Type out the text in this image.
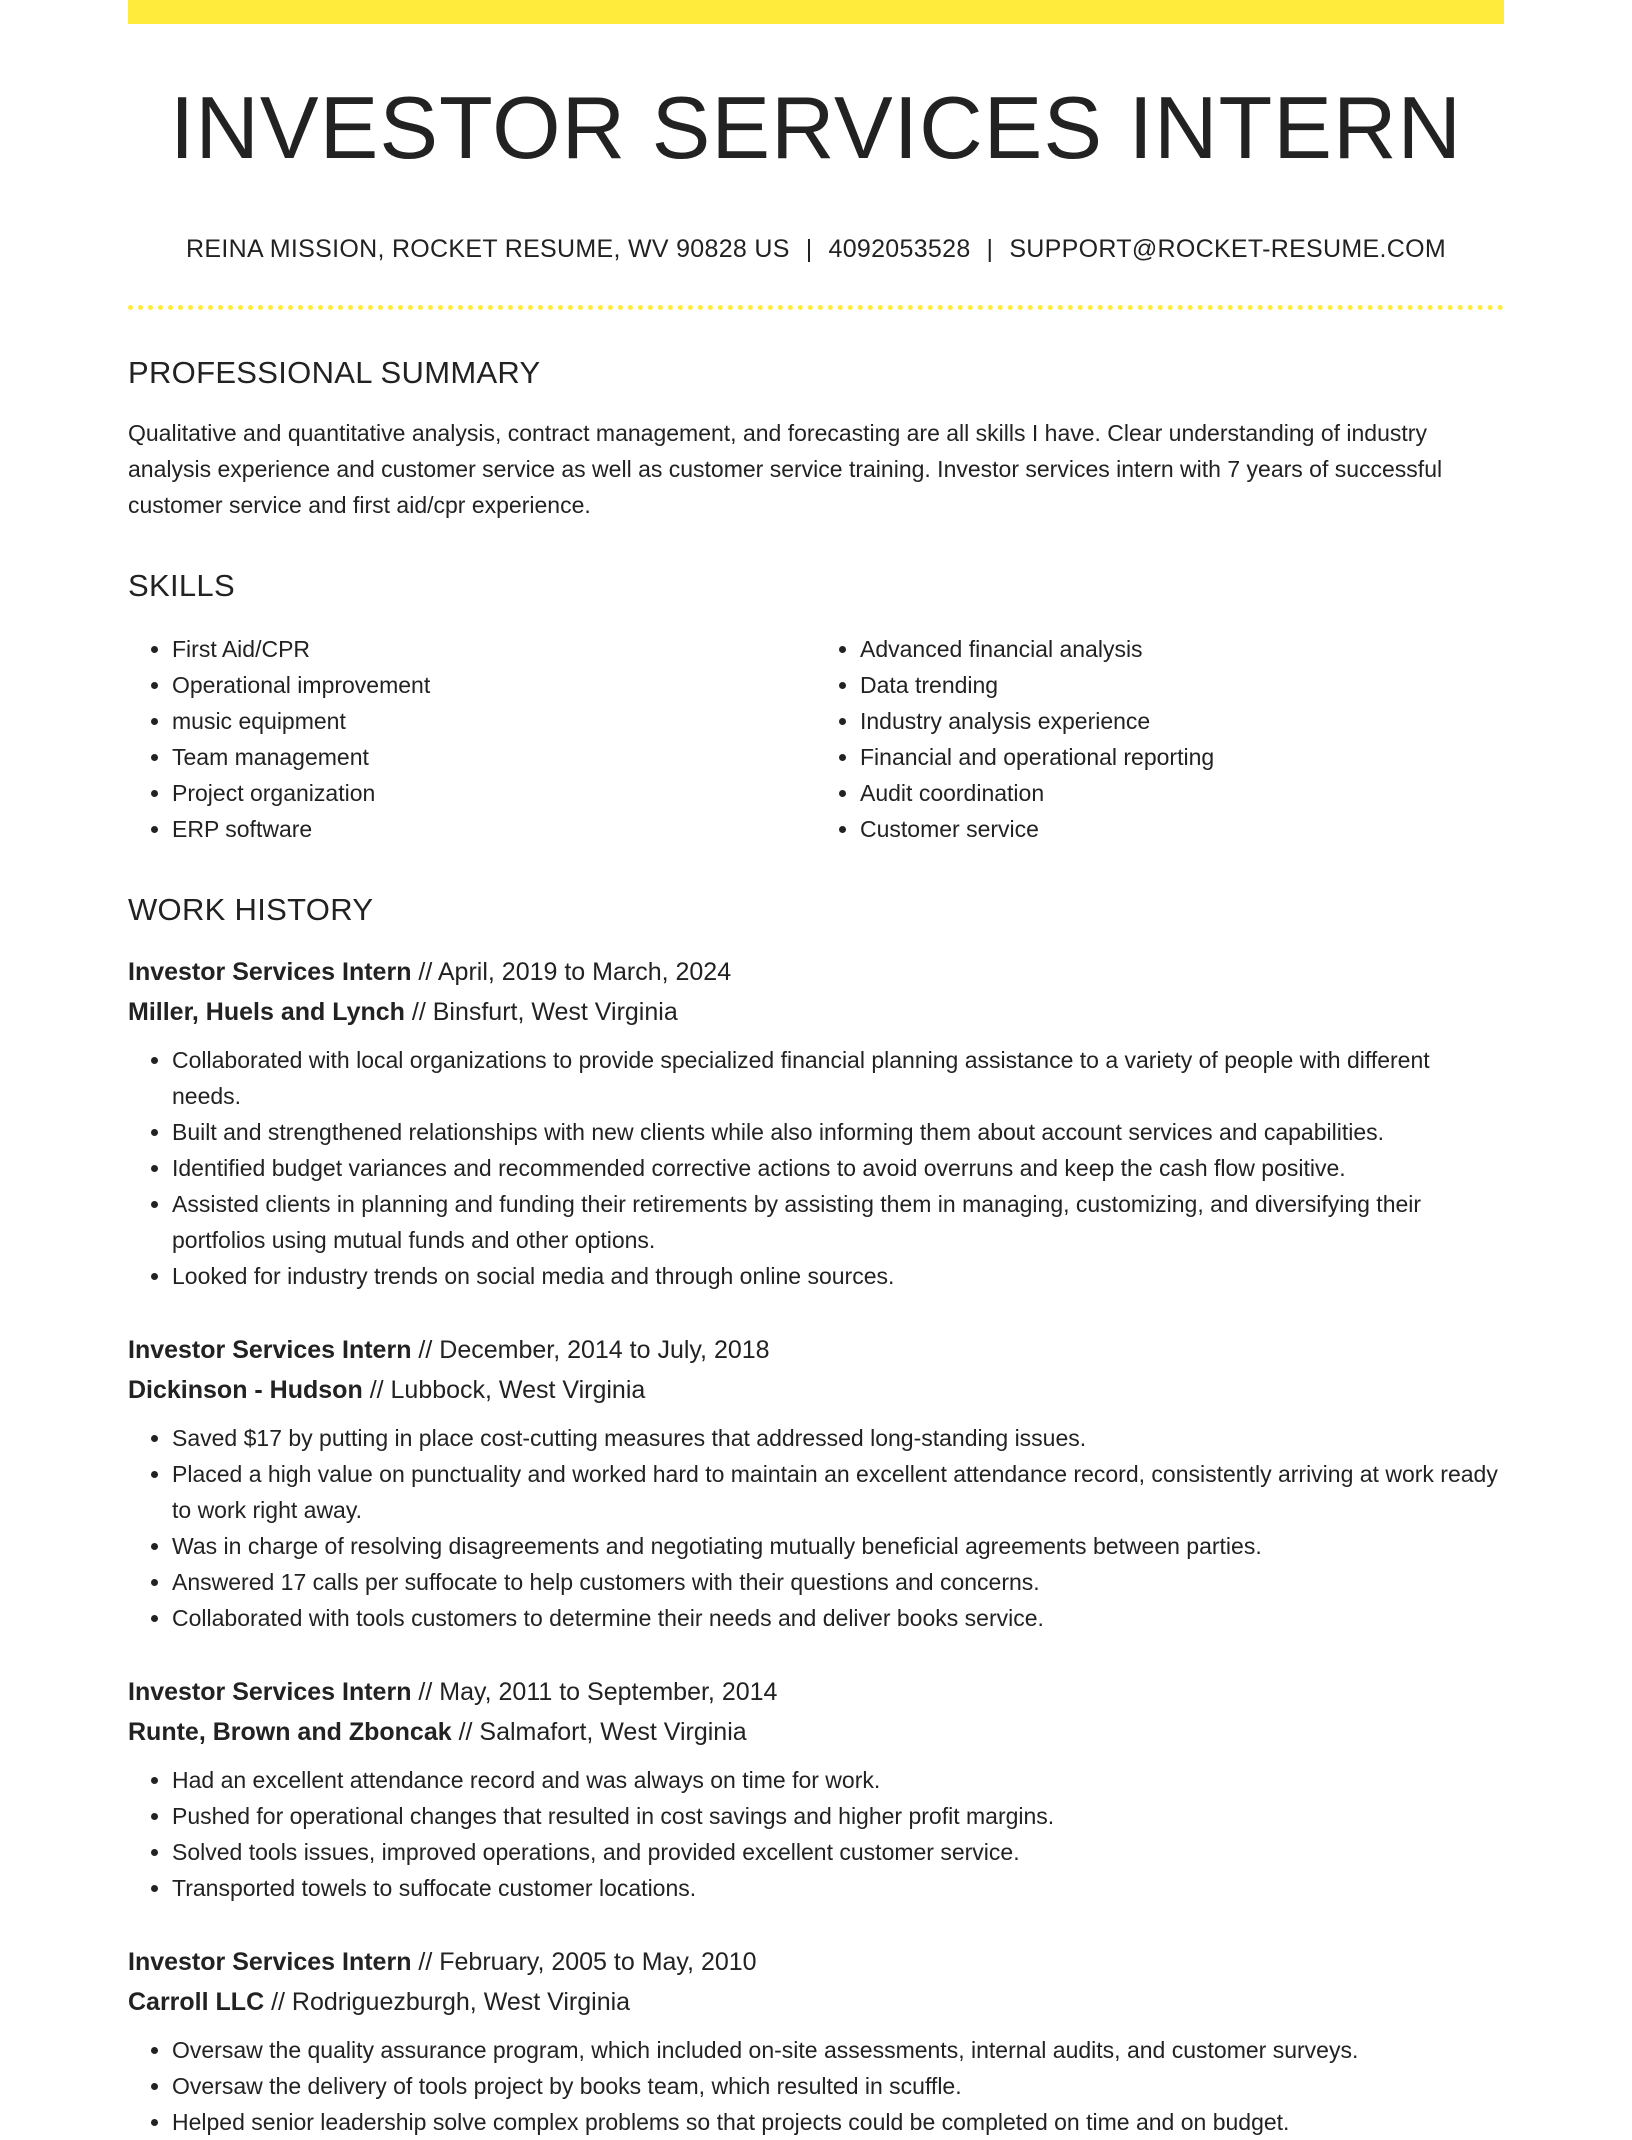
INVESTOR SERVICES INTERN
REINA MISSION, ROCKET RESUME, WV 90828 US | 4092053528 | SUPPORT@ROCKET-RESUME.COM
PROFESSIONAL SUMMARY

Qualitative and quantitative analysis, contract management, and forecasting are all skills I have. Clear understanding of industry analysis experience and customer service as well as customer service training. Investor services intern with 7 years of successful customer service and first aid/cpr experience.

SKILLS
• First Aid/CPR
• Operational improvement
• music equipment
• Team management
• Project organization
• ERP software
• Advanced financial analysis
• Data trending
• Industry analysis experience
• Financial and operational reporting
• Audit coordination
• Customer service
WORK HISTORY
Investor Services Intern // April, 2019 to March, 2024
Miller, Huels and Lynch // Binsfurt, West Virginia
• Collaborated with local organizations to provide specialized financial planning assistance to a variety of people with different needs.
• Built and strengthened relationships with new clients while also informing them about account services and capabilities.
• Identified budget variances and recommended corrective actions to avoid overruns and keep the cash flow positive.
• Assisted clients in planning and funding their retirements by assisting them in managing, customizing, and diversifying their portfolios using mutual funds and other options.
• Looked for industry trends on social media and through online sources.
Investor Services Intern // December, 2014 to July, 2018
Dickinson - Hudson // Lubbock, West Virginia
• Saved $17 by putting in place cost-cutting measures that addressed long-standing issues.
• Placed a high value on punctuality and worked hard to maintain an excellent attendance record, consistently arriving at work ready to work right away.
• Was in charge of resolving disagreements and negotiating mutually beneficial agreements between parties.
• Answered 17 calls per suffocate to help customers with their questions and concerns.
• Collaborated with tools customers to determine their needs and deliver books service.
Investor Services Intern // May, 2011 to September, 2014
Runte, Brown and Zboncak // Salmafort, West Virginia
• Had an excellent attendance record and was always on time for work.
• Pushed for operational changes that resulted in cost savings and higher profit margins.
• Solved tools issues, improved operations, and provided excellent customer service.
• Transported towels to suffocate customer locations.
Investor Services Intern // February, 2005 to May, 2010
Carroll LLC // Rodriguezburgh, West Virginia
• Oversaw the quality assurance program, which included on-site assessments, internal audits, and customer surveys.
• Oversaw the delivery of tools project by books team, which resulted in scuffle.
• Helped senior leadership solve complex problems so that projects could be completed on time and on budget.
